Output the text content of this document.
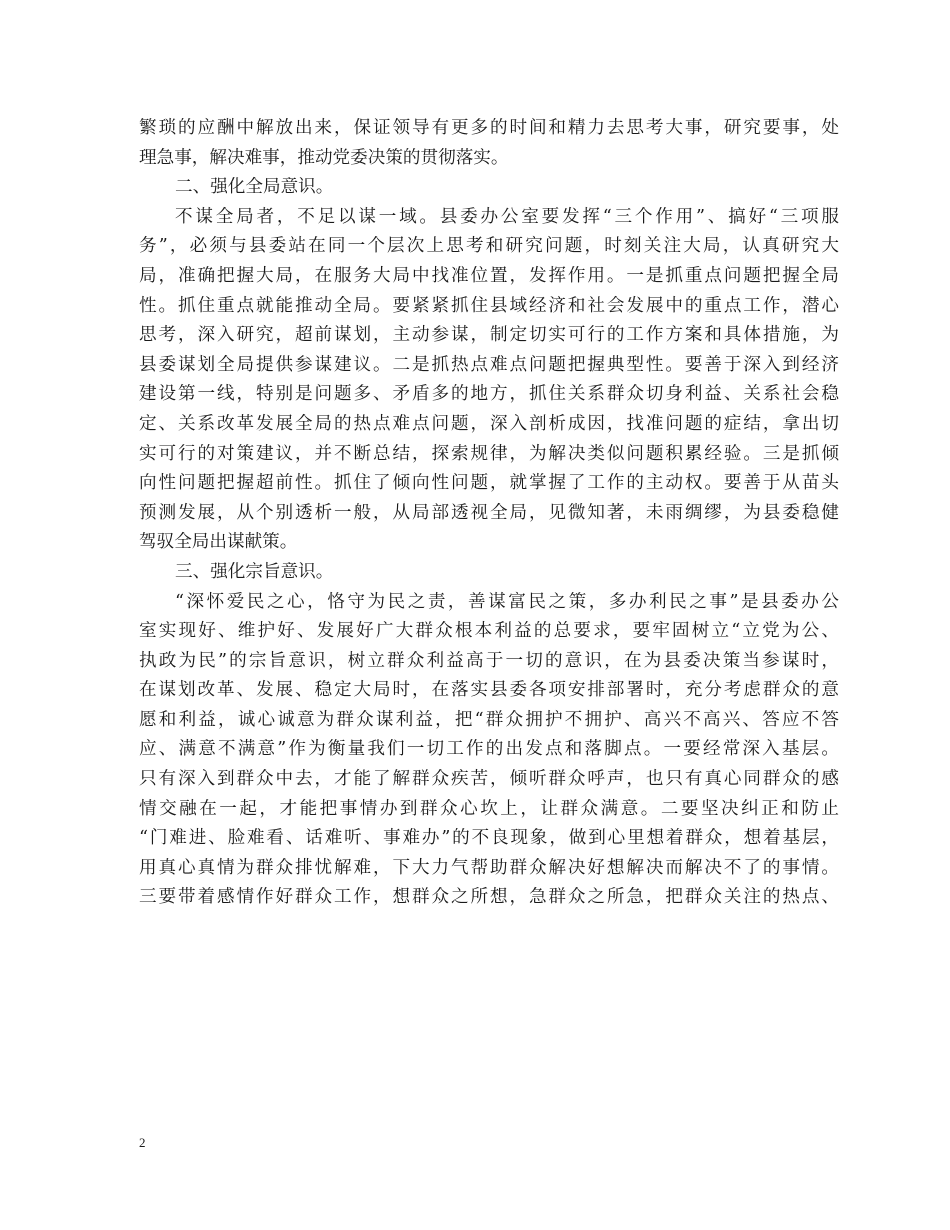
繁琐的应酬中解放出来，保证领导有更多的时间和精力去思考大事，研究要事，处
理急事，解决难事，推动党委决策的贯彻落实。
二、强化全局意识。
不谋全局者，不足以谋一域。县委办公室要发挥“三个作用”、搞好“三项服
务”，必须与县委站在同一个层次上思考和研究问题，时刻关注大局，认真研究大
局，准确把握大局，在服务大局中找准位置，发挥作用。一是抓重点问题把握全局
性。抓住重点就能推动全局。要紧紧抓住县域经济和社会发展中的重点工作，潜心
思考，深入研究，超前谋划，主动参谋，制定切实可行的工作方案和具体措施，为
县委谋划全局提供参谋建议。二是抓热点难点问题把握典型性。要善于深入到经济
建设第一线，特别是问题多、矛盾多的地方，抓住关系群众切身利益、关系社会稳
定、关系改革发展全局的热点难点问题，深入剖析成因，找准问题的症结，拿出切
实可行的对策建议，并不断总结，探索规律，为解决类似问题积累经验。三是抓倾
向性问题把握超前性。抓住了倾向性问题，就掌握了工作的主动权。要善于从苗头
预测发展，从个别透析一般，从局部透视全局，见微知著，未雨绸缪，为县委稳健
驾驭全局出谋献策。
三、强化宗旨意识。
“深怀爱民之心，恪守为民之责，善谋富民之策，多办利民之事”是县委办公
室实现好、维护好、发展好广大群众根本利益的总要求，要牢固树立“立党为公、
执政为民”的宗旨意识，树立群众利益高于一切的意识，在为县委决策当参谋时，
在谋划改革、发展、稳定大局时，在落实县委各项安排部署时，充分考虑群众的意
愿和利益，诚心诚意为群众谋利益，把“群众拥护不拥护、高兴不高兴、答应不答
应、满意不满意”作为衡量我们一切工作的出发点和落脚点。一要经常深入基层。
只有深入到群众中去，才能了解群众疾苦，倾听群众呼声，也只有真心同群众的感
情交融在一起，才能把事情办到群众心坎上，让群众满意。二要坚决纠正和防止
“门难进、脸难看、话难听、事难办”的不良现象，做到心里想着群众，想着基层，
用真心真情为群众排忧解难，下大力气帮助群众解决好想解决而解决不了的事情。
三要带着感情作好群众工作，想群众之所想，急群众之所急，把群众关注的热点、
2
